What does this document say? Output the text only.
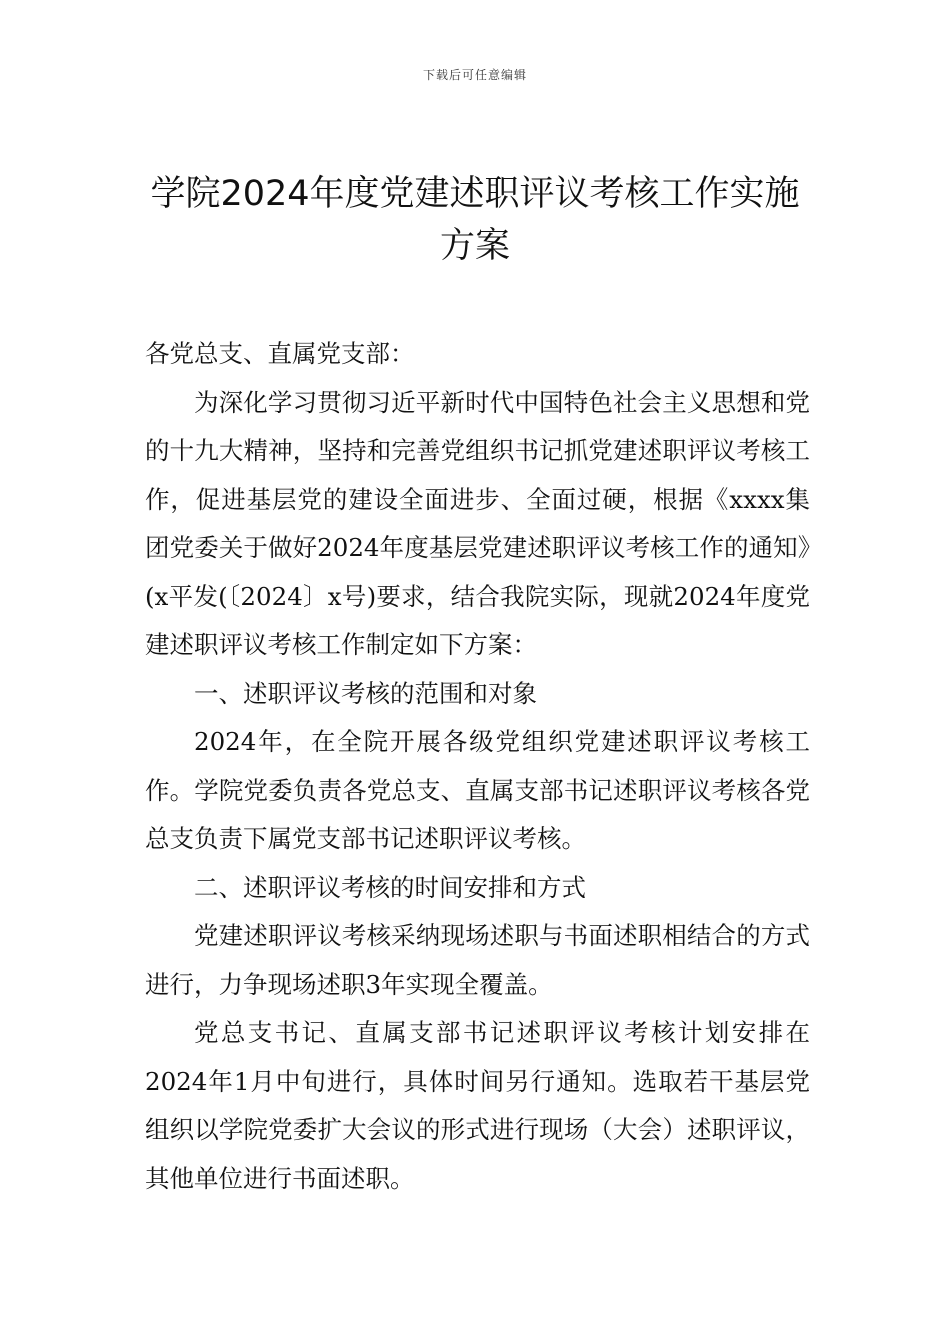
下载后可任意编辑
学院2024年度党建述职评议考核工作实施方案

各党总支、直属党支部：

为深化学习贯彻习近平新时代中国特色社会主义思想和党的十九大精神，坚持和完善党组织书记抓党建述职评议考核工作，促进基层党的建设全面进步、全面过硬，根据《xxxx集团党委关于做好2024年度基层党建述职评议考核工作的通知》(x平发(〔2024〕x号)要求，结合我院实际，现就2024年度党建述职评议考核工作制定如下方案：

一、述职评议考核的范围和对象

2024年，在全院开展各级党组织党建述职评议考核工作。学院党委负责各党总支、直属支部书记述职评议考核各党总支负责下属党支部书记述职评议考核。

二、述职评议考核的时间安排和方式

党建述职评议考核采纳现场述职与书面述职相结合的方式进行，力争现场述职3年实现全覆盖。

党总支书记、直属支部书记述职评议考核计划安排在2024年1月中旬进行，具体时间另行通知。选取若干基层党组织以学院党委扩大会议的形式进行现场（大会）述职评议，其他单位进行书面述职。
